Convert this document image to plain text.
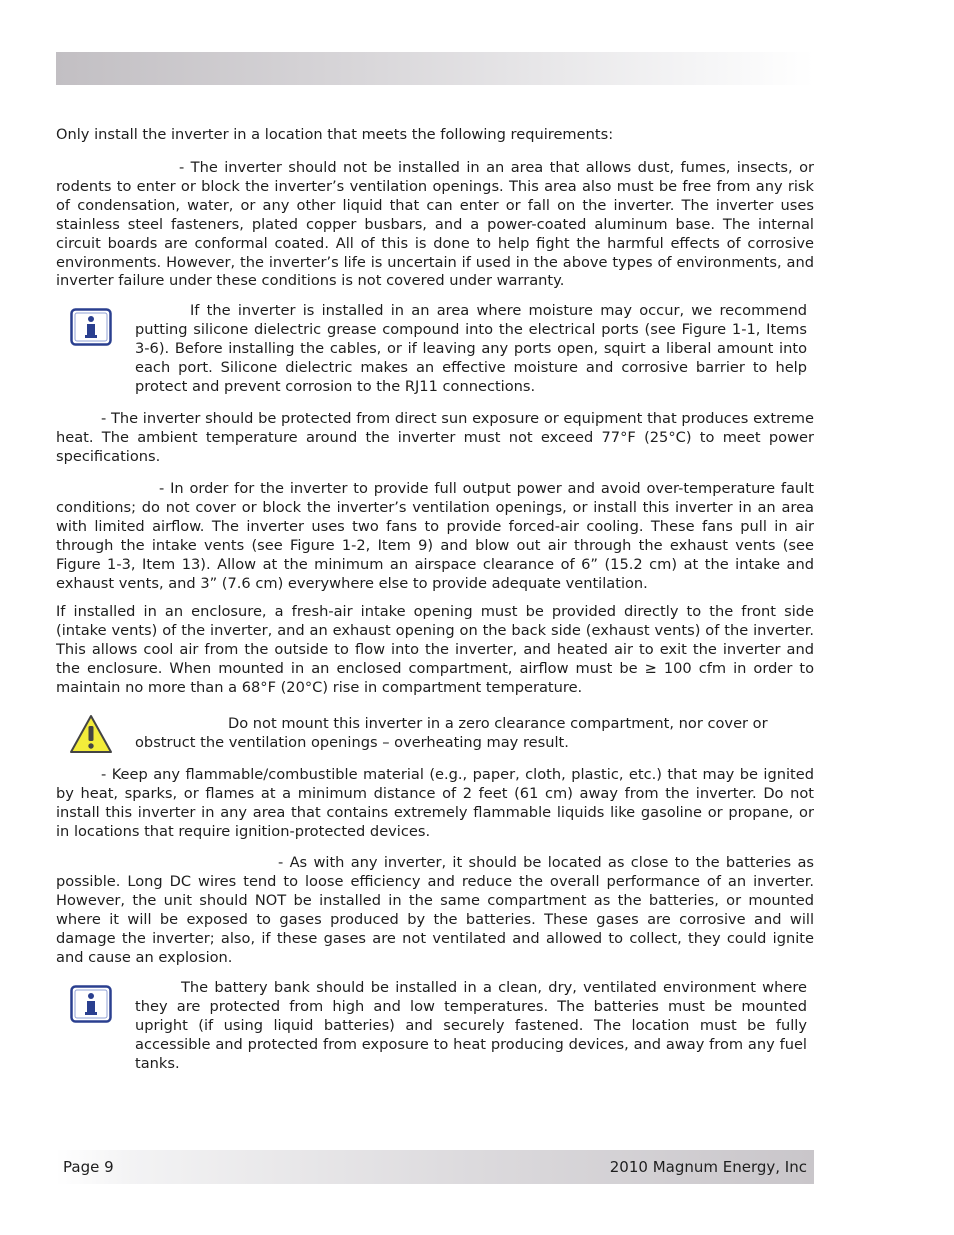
Only install the inverter in a location that meets the following requirements:

- The inverter should not be installed in an area that allows dust, fumes, insects, or rodents to enter or block the inverter’s ventilation openings. This area also must be free from any risk of condensation, water, or any other liquid that can enter or fall on the inverter. The inverter uses stainless steel fasteners, plated copper busbars, and a power-coated aluminum base. The internal circuit boards are conformal coated. All of this is done to help fight the harmful effects of corrosive environments. However, the inverter’s life is uncertain if used in the above types of environments, and inverter failure under these conditions is not covered under warranty.

If the inverter is installed in an area where moisture may occur, we recommend putting silicone dielectric grease compound into the electrical ports (see Figure 1-1, Items 3-6). Before installing the cables, or if leaving any ports open, squirt a liberal amount into each port. Silicone dielectric makes an effective moisture and corrosive barrier to help protect and prevent corrosion to the RJ11 connections.

- The inverter should be protected from direct sun exposure or equipment that produces extreme heat. The ambient temperature around the inverter must not exceed 77°F (25°C) to meet power specifications.

- In order for the inverter to provide full output power and avoid over-temperature fault conditions; do not cover or block the inverter’s ventilation openings, or install this inverter in an area with limited airflow. The inverter uses two fans to provide forced-air cooling. These fans pull in air through the intake vents (see Figure 1-2, Item 9) and blow out air through the exhaust vents (see Figure 1-3, Item 13). Allow at the minimum an airspace clearance of 6” (15.2 cm) at the intake and exhaust vents, and 3” (7.6 cm) everywhere else to provide adequate ventilation.

If installed in an enclosure, a fresh-air intake opening must be provided directly to the front side (intake vents) of the inverter, and an exhaust opening on the back side (exhaust vents) of the inverter. This allows cool air from the outside to flow into the inverter, and heated air to exit the inverter and the enclosure. When mounted in an enclosed compartment, airflow must be ≥ 100 cfm in order to maintain no more than a 68°F (20°C) rise in compartment temperature.

Do not mount this inverter in a zero clearance compartment, nor cover or obstruct the ventilation openings – overheating may result.

- Keep any flammable/combustible material (e.g., paper, cloth, plastic, etc.) that may be ignited by heat, sparks, or flames at a minimum distance of 2 feet (61 cm) away from the inverter. Do not install this inverter in any area that contains extremely flammable liquids like gasoline or propane, or in locations that require ignition-protected devices.

- As with any inverter, it should be located as close to the batteries as possible. Long DC wires tend to loose efficiency and reduce the overall performance of an inverter. However, the unit should NOT be installed in the same compartment as the batteries, or mounted where it will be exposed to gases produced by the batteries. These gases are corrosive and will damage the inverter; also, if these gases are not ventilated and allowed to collect, they could ignite and cause an explosion.

The battery bank should be installed in a clean, dry, ventilated environment where they are protected from high and low temperatures. The batteries must be mounted upright (if using liquid batteries) and securely fastened. The location must be fully accessible and protected from exposure to heat producing devices, and away from any fuel tanks.

Page 9	2010 Magnum Energy, Inc
